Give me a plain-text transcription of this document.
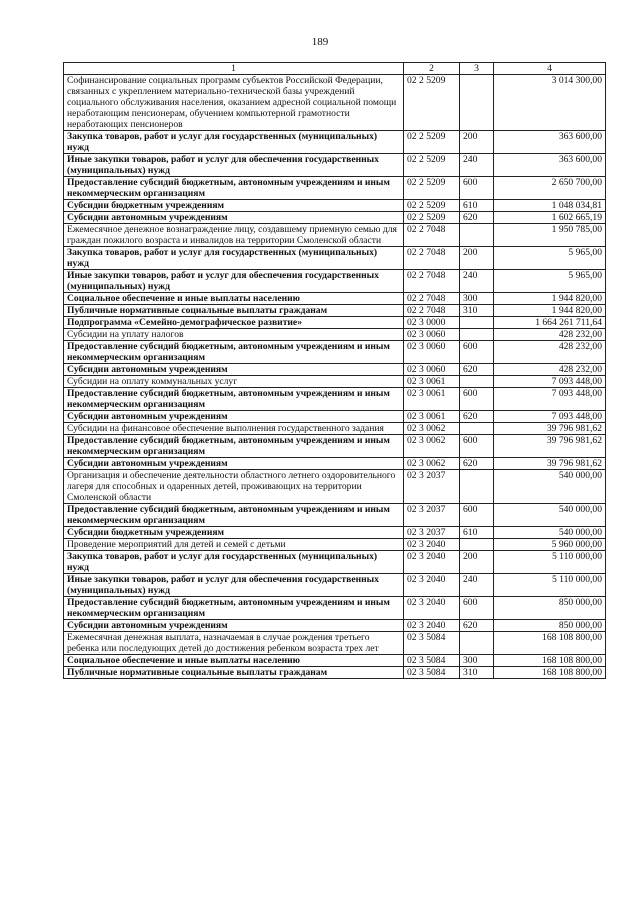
189
1	2	3	4
Софинансирование социальных программ субъектов Российской Федерации, связанных с укреплением материально-технической базы учреждений социального обслуживания населения, оказанием адресной социальной помощи неработающим пенсионерам, обучением компьютерной грамотности неработающих пенсионеров	02 2 5209		3 014 300,00
Закупка товаров, работ и услуг для государственных (муниципальных) нужд	02 2 5209	200	363 600,00
Иные закупки товаров, работ и услуг для обеспечения государственных (муниципальных) нужд	02 2 5209	240	363 600,00
Предоставление субсидий бюджетным, автономным учреждениям и иным некоммерческим организациям	02 2 5209	600	2 650 700,00
Субсидии бюджетным учреждениям	02 2 5209	610	1 048 034,81
Субсидии автономным учреждениям	02 2 5209	620	1 602 665,19
Ежемесячное денежное вознаграждение лицу, создавшему приемную семью для граждан пожилого возраста и инвалидов на территории Смоленской области	02 2 7048		1 950 785,00
Закупка товаров, работ и услуг для государственных (муниципальных) нужд	02 2 7048	200	5 965,00
Иные закупки товаров, работ и услуг для обеспечения государственных (муниципальных) нужд	02 2 7048	240	5 965,00
Социальное обеспечение и иные выплаты населению	02 2 7048	300	1 944 820,00
Публичные нормативные социальные выплаты гражданам	02 2 7048	310	1 944 820,00
Подпрограмма «Семейно-демографическое развитие»	02 3 0000		1 664 261 711,64
Субсидии на уплату налогов	02 3 0060		428 232,00
Предоставление субсидий бюджетным, автономным учреждениям и иным некоммерческим организациям	02 3 0060	600	428 232,00
Субсидии автономным учреждениям	02 3 0060	620	428 232,00
Субсидии на оплату коммунальных услуг	02 3 0061		7 093 448,00
Предоставление субсидий бюджетным, автономным учреждениям и иным некоммерческим организациям	02 3 0061	600	7 093 448,00
Субсидии автономным учреждениям	02 3 0061	620	7 093 448,00
Субсидии на финансовое обеспечение выполнения государственного задания	02 3 0062		39 796 981,62
Предоставление субсидий бюджетным, автономным учреждениям и иным некоммерческим организациям	02 3 0062	600	39 796 981,62
Субсидии автономным учреждениям	02 3 0062	620	39 796 981,62
Организация и обеспечение деятельности областного летнего оздоровительного лагеря для способных и одаренных детей, проживающих на территории Смоленской области	02 3 2037		540 000,00
Предоставление субсидий бюджетным, автономным учреждениям и иным некоммерческим организациям	02 3 2037	600	540 000,00
Субсидии бюджетным учреждениям	02 3 2037	610	540 000,00
Проведение мероприятий для детей и семей с детьми	02 3 2040		5 960 000,00
Закупка товаров, работ и услуг для государственных (муниципальных) нужд	02 3 2040	200	5 110 000,00
Иные закупки товаров, работ и услуг для обеспечения государственных (муниципальных) нужд	02 3 2040	240	5 110 000,00
Предоставление субсидий бюджетным, автономным учреждениям и иным некоммерческим организациям	02 3 2040	600	850 000,00
Субсидии автономным учреждениям	02 3 2040	620	850 000,00
Ежемесячная денежная выплата, назначаемая в случае рождения третьего ребенка или последующих детей до достижения ребенком возраста трех лет	02 3 5084		168 108 800,00
Социальное обеспечение и иные выплаты населению	02 3 5084	300	168 108 800,00
Публичные нормативные социальные выплаты гражданам	02 3 5084	310	168 108 800,00
